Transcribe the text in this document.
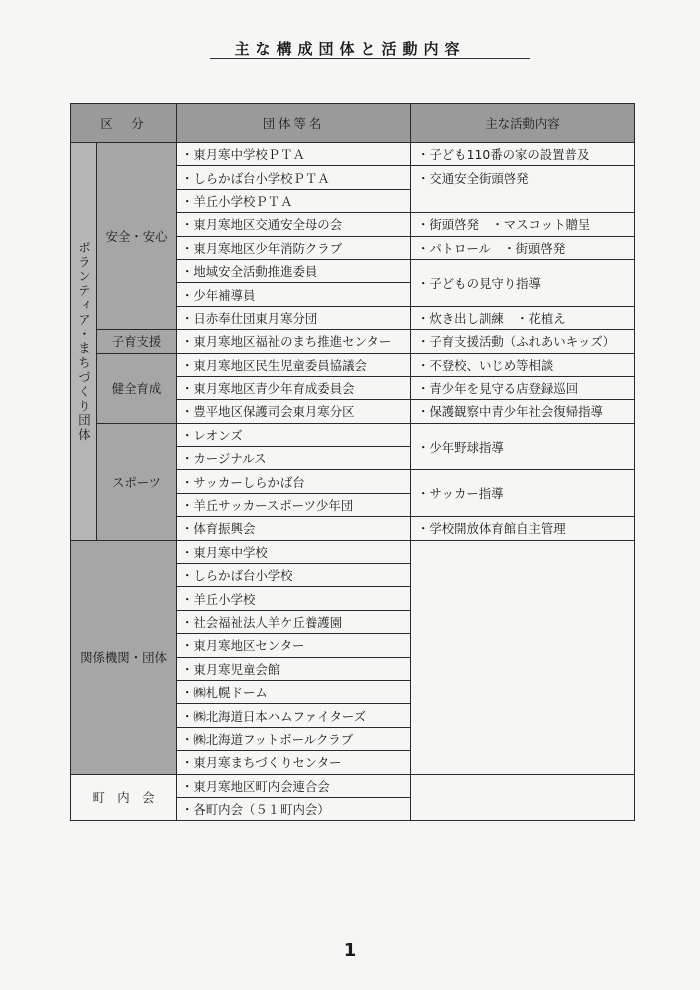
主な構成団体と活動内容
区　分		団体等名	主な活動内容
ボランティア・まちづくり団体	安全・安心	・ 東月寒中学校ＰＴＡ	・子ども110番の家の設置普及
		・ しらかば台小学校ＰＴＡ	・交通安全街頭啓発
		・ 羊丘小学校ＰＴＡ
		・ 東月寒地区交通安全母の会	・街頭啓発　・マスコット贈呈
		・ 東月寒地区少年消防クラブ	・パトロール　・街頭啓発
		・ 地域安全活動推進委員	・子どもの見守り指導
		・ 少年補導員
		・ 日赤奉仕団東月寒分団	・炊き出し訓練　・花植え
	子育支援	・ 東月寒地区福祉のまち推進センター	・子育支援活動（ふれあいキッズ）
	健全育成	・ 東月寒地区民生児童委員協議会	・不登校、いじめ等相談
		・ 東月寒地区青少年育成委員会	・青少年を見守る店登録巡回
		・ 豊平地区保護司会東月寒分区	・保護観察中青少年社会復帰指導
	スポーツ	・ レオンズ	・少年野球指導
		・ カージナルス
		・ サッカーしらかば台	・サッカー指導
		・ 羊丘サッカースポーツ少年団
		・ 体育振興会	・学校開放体育館自主管理
関係機関・団体		・ 東月寒中学校	
		・ しらかば台小学校
		・ 羊丘小学校
		・ 社会福祉法人羊ケ丘養護園
		・ 東月寒地区センター
		・ 東月寒児童会館
		・ ㈱札幌ドーム
		・ ㈱北海道日本ハムファイターズ
		・ ㈱北海道フットボールクラブ
		・ 東月寒まちづくりセンター
町　内　会		・ 東月寒地区町内会連合会	
		・ 各町内会（５１町内会）
1
